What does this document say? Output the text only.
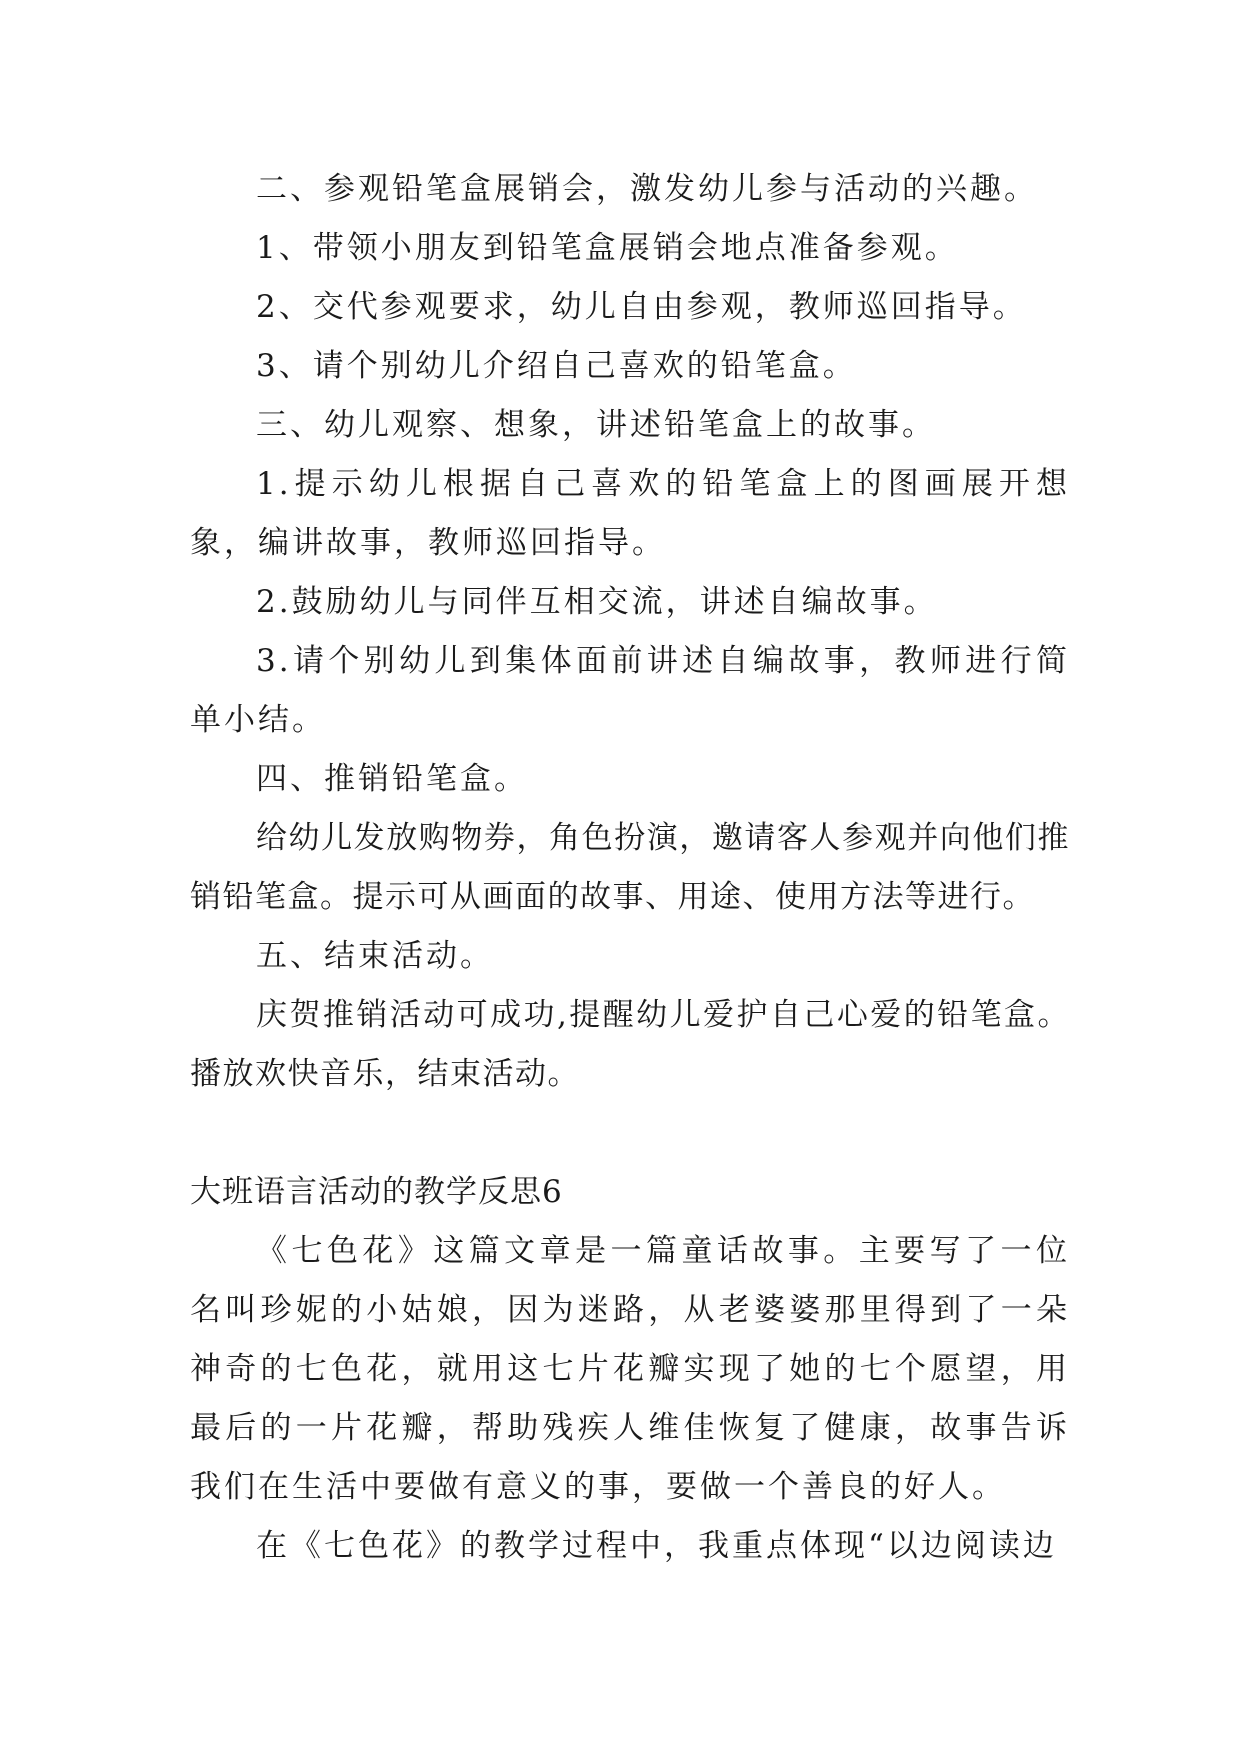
二、参观铅笔盒展销会，激发幼儿参与活动的兴趣。

1、带领小朋友到铅笔盒展销会地点准备参观。

2、交代参观要求，幼儿自由参观，教师巡回指导。

3、请个别幼儿介绍自己喜欢的铅笔盒。

三、幼儿观察、想象，讲述铅笔盒上的故事。

1.提示幼儿根据自己喜欢的铅笔盒上的图画展开想象，编讲故事，教师巡回指导。

2.鼓励幼儿与同伴互相交流，讲述自编故事。

3.请个别幼儿到集体面前讲述自编故事，教师进行简单小结。

四、推销铅笔盒。

给幼儿发放购物券，角色扮演，邀请客人参观并向他们推销铅笔盒。提示可从画面的故事、用途、使用方法等进行。

五、结束活动。

庆贺推销活动可成功,提醒幼儿爱护自己心爱的铅笔盒。播放欢快音乐，结束活动。

大班语言活动的教学反思6

《七色花》这篇文章是一篇童话故事。主要写了一位名叫珍妮的小姑娘，因为迷路，从老婆婆那里得到了一朵神奇的七色花，就用这七片花瓣实现了她的七个愿望，用最后的一片花瓣，帮助残疾人维佳恢复了健康，故事告诉我们在生活中要做有意义的事，要做一个善良的好人。

在《七色花》的教学过程中，我重点体现“以边阅读边
